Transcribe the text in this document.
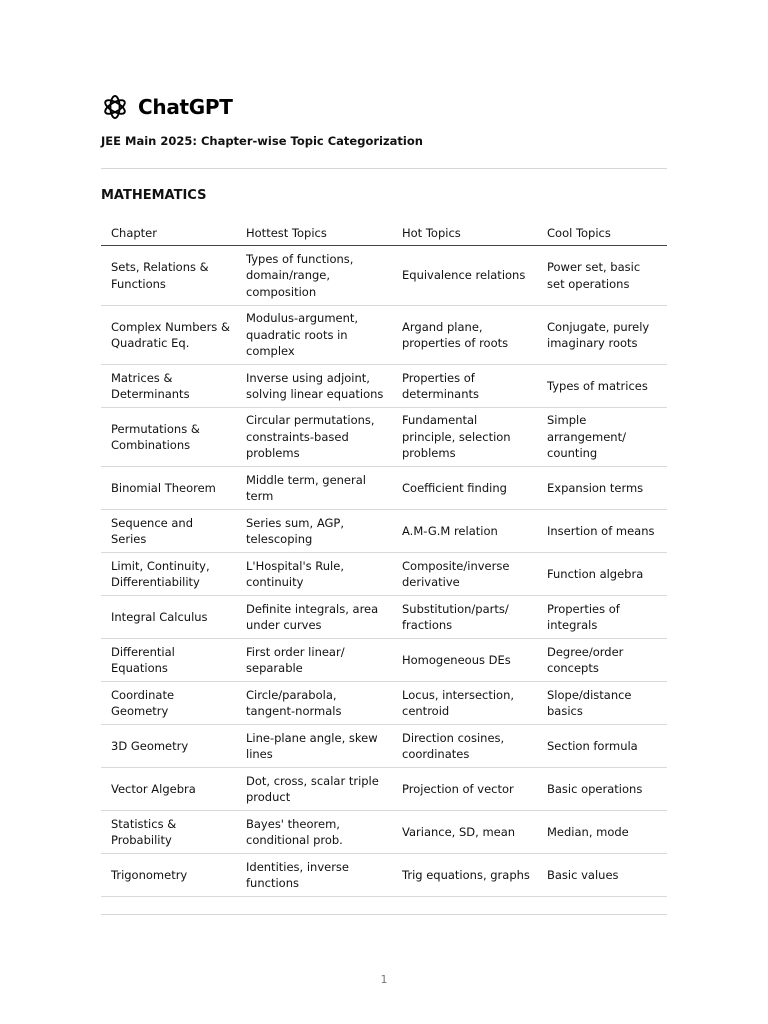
ChatGPT
JEE Main 2025: Chapter-wise Topic Categorization
MATHEMATICS
Chapter	Hottest Topics	Hot Topics	Cool Topics
Sets, Relations & Functions	Types of functions, domain/range, composition	Equivalence relations	Power set, basic set operations
Complex Numbers & Quadratic Eq.	Modulus-argument, quadratic roots in complex	Argand plane, properties of roots	Conjugate, purely imaginary roots
Matrices & Determinants	Inverse using adjoint, solving linear equations	Properties of determinants	Types of matrices
Permutations & Combinations	Circular permutations, constraints-based problems	Fundamental principle, selection problems	Simple arrangement/ counting
Binomial Theorem	Middle term, general term	Coefficient finding	Expansion terms
Sequence and Series	Series sum, AGP, telescoping	A.M-G.M relation	Insertion of means
Limit, Continuity, Differentiability	L'Hospital's Rule, continuity	Composite/inverse derivative	Function algebra
Integral Calculus	Definite integrals, area under curves	Substitution/parts/ fractions	Properties of integrals
Differential Equations	First order linear/ separable	Homogeneous DEs	Degree/order concepts
Coordinate Geometry	Circle/parabola, tangent-normals	Locus, intersection, centroid	Slope/distance basics
3D Geometry	Line-plane angle, skew lines	Direction cosines, coordinates	Section formula
Vector Algebra	Dot, cross, scalar triple product	Projection of vector	Basic operations
Statistics & Probability	Bayes' theorem, conditional prob.	Variance, SD, mean	Median, mode
Trigonometry	Identities, inverse functions	Trig equations, graphs	Basic values
1
